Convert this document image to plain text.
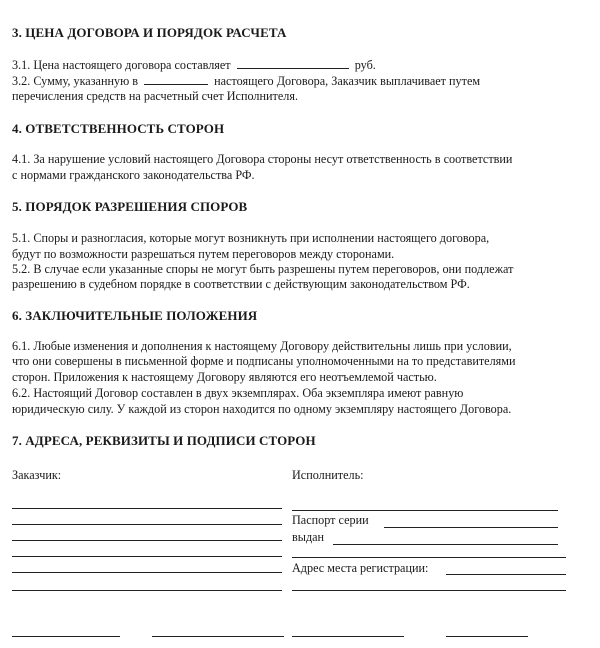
3. ЦЕНА ДОГОВОРА И ПОРЯДОК РАСЧЕТА
3.1. Цена настоящего договора составляет	руб.
3.2. Сумму, указанную в	настоящего Договора, Заказчик выплачивает путем
перечисления средств на расчетный счет Исполнителя.
4. ОТВЕТСТВЕННОСТЬ СТОРОН
4.1. За нарушение условий настоящего Договора стороны несут ответственность в соответствии
с нормами гражданского законодательства РФ.
5. ПОРЯДОК РАЗРЕШЕНИЯ СПОРОВ
5.1. Споры и разногласия, которые могут возникнуть при исполнении настоящего договора,
будут по возможности разрешаться путем переговоров между сторонами.
5.2. В случае если указанные споры не могут быть разрешены путем переговоров, они подлежат
разрешению в судебном порядке в соответствии с действующим законодательством РФ.
6. ЗАКЛЮЧИТЕЛЬНЫЕ ПОЛОЖЕНИЯ
6.1. Любые изменения и дополнения к настоящему Договору действительны лишь при условии,
что они совершены в письменной форме и подписаны уполномоченными на то представителями
сторон. Приложения к настоящему Договору являются его неотъемлемой частью.
6.2. Настоящий Договор составлен в двух экземплярах. Оба экземпляра имеют равную
юридическую силу. У каждой из сторон находится по одному экземпляру настоящего Договора.
7. АДРЕСА, РЕКВИЗИТЫ И ПОДПИСИ СТОРОН
Заказчик:	Исполнитель:
Паспорт серии
выдан
Адрес места регистрации:
